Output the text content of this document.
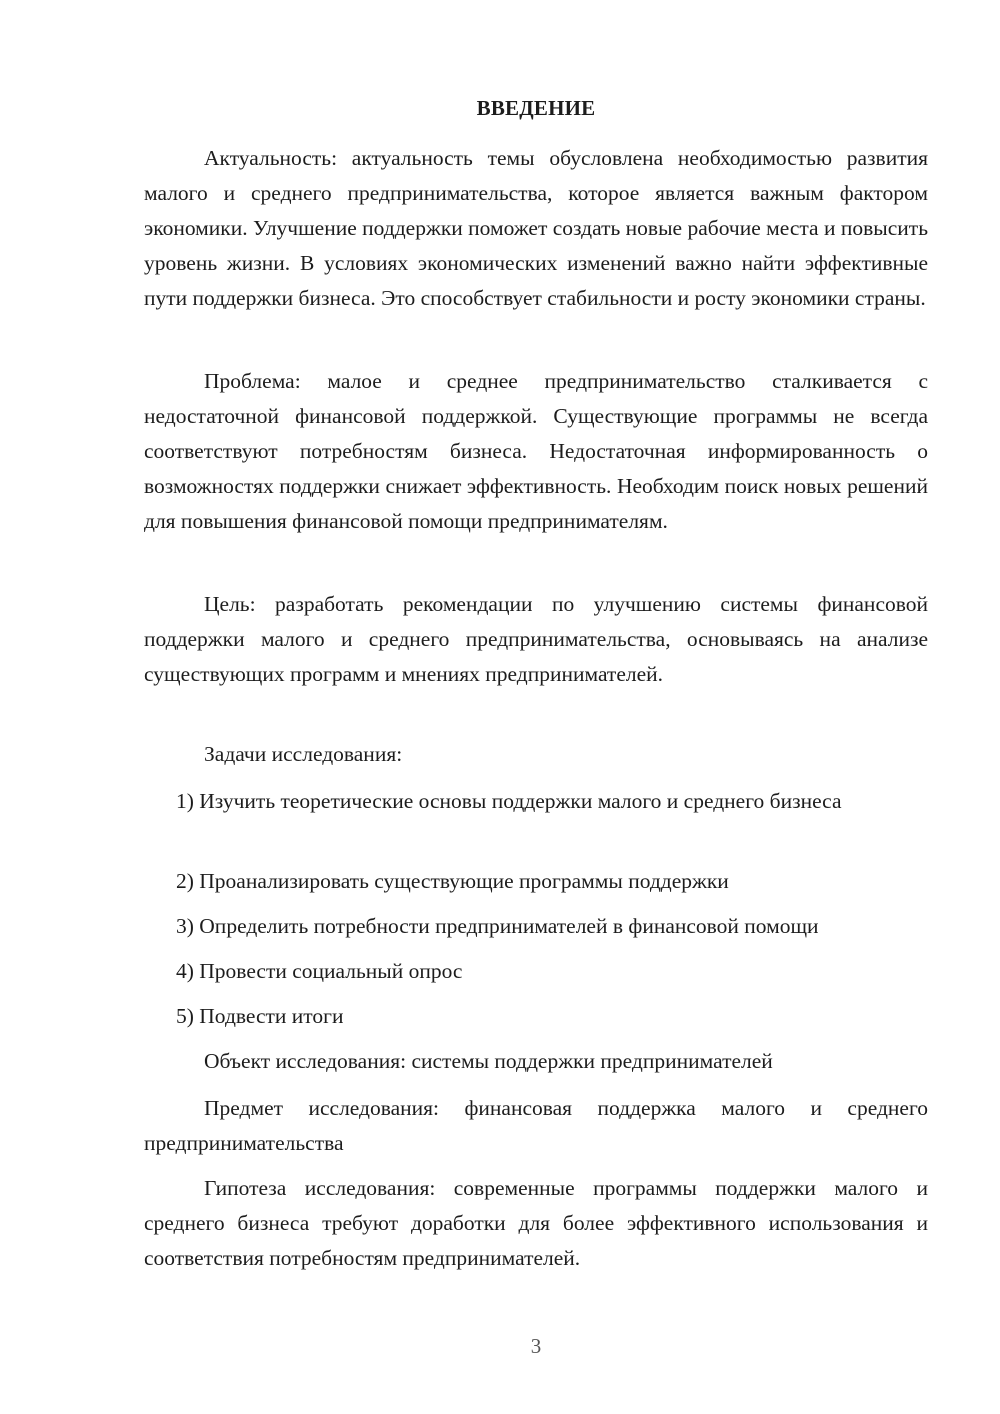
ВВЕДЕНИЕ

Актуальность: актуальность темы обусловлена необходимостью развития малого и среднего предпринимательства, которое является важным фактором экономики. Улучшение поддержки поможет создать новые рабочие места и повысить уровень жизни. В условиях экономических изменений важно найти эффективные пути поддержки бизнеса. Это способствует стабильности и росту экономики страны.

Проблема: малое и среднее предпринимательство сталкивается с недостаточной финансовой поддержкой. Существующие программы не всегда соответствуют потребностям бизнеса. Недостаточная информированность о возможностях поддержки снижает эффективность. Необходим поиск новых решений для повышения финансовой помощи предпринимателям.

Цель: разработать рекомендации по улучшению системы финансовой поддержки малого и среднего предпринимательства, основываясь на анализе существующих программ и мнениях предпринимателей.

Задачи исследования:

1) Изучить теоретические основы поддержки малого и среднего бизнеса

2) Проанализировать существующие программы поддержки

3) Определить потребности предпринимателей в финансовой помощи

4) Провести социальный опрос

5) Подвести итоги

Объект исследования: системы поддержки предпринимателей

Предмет исследования: финансовая поддержка малого и среднего предпринимательства

Гипотеза исследования: современные программы поддержки малого и среднего бизнеса требуют доработки для более эффективного использования и соответствия потребностям предпринимателей.

3
